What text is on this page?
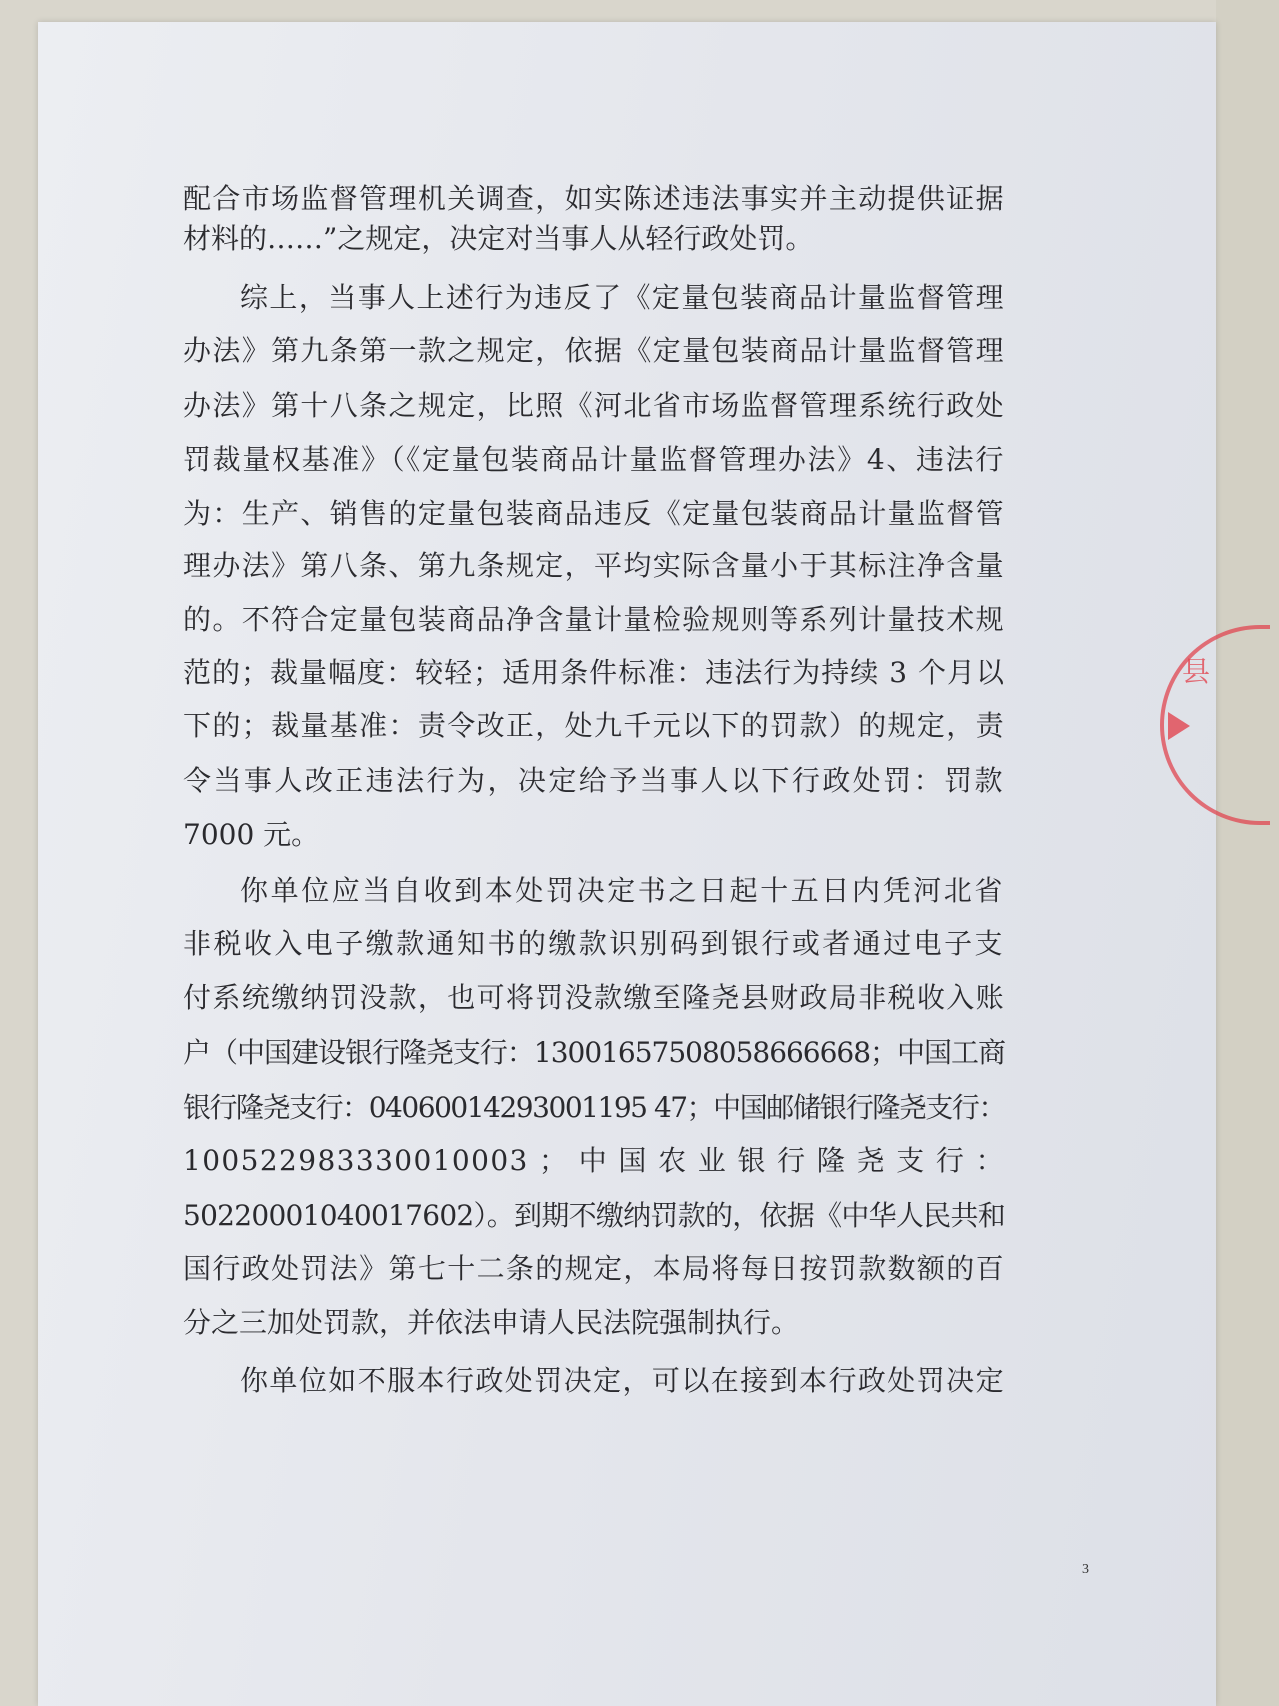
县
配合市场监督管理机关调查，如实陈述违法事实并主动提供证据
材料的……”之规定，决定对当事人从轻行政处罚。
综上，当事人上述行为违反了《定量包装商品计量监督管理
办法》第九条第一款之规定，依据《定量包装商品计量监督管理
办法》第十八条之规定，比照《河北省市场监督管理系统行政处
罚裁量权基准》（《定量包装商品计量监督管理办法》4、违法行
为：生产、销售的定量包装商品违反《定量包装商品计量监督管
理办法》第八条、第九条规定，平均实际含量小于其标注净含量
的。不符合定量包装商品净含量计量检验规则等系列计量技术规
范的；裁量幅度：较轻；适用条件标准：违法行为持续 3 个月以
下的；裁量基准：责令改正，处九千元以下的罚款）的规定，责
令当事人改正违法行为，决定给予当事人以下行政处罚：罚款
7000 元。
你单位应当自收到本处罚决定书之日起十五日内凭河北省
非税收入电子缴款通知书的缴款识别码到银行或者通过电子支
付系统缴纳罚没款，也可将罚没款缴至隆尧县财政局非税收入账
户（中国建设银行隆尧支行：13001657508058666668；中国工商
银行隆尧支行：04060014293001195 47；中国邮储银行隆尧支行：
100522983330010003 ； 中 国 农 业 银 行 隆 尧 支 行 ：
50220001040017602）。到期不缴纳罚款的，依据《中华人民共和
国行政处罚法》第七十二条的规定，本局将每日按罚款数额的百
分之三加处罚款，并依法申请人民法院强制执行。
你单位如不服本行政处罚决定，可以在接到本行政处罚决定
3
